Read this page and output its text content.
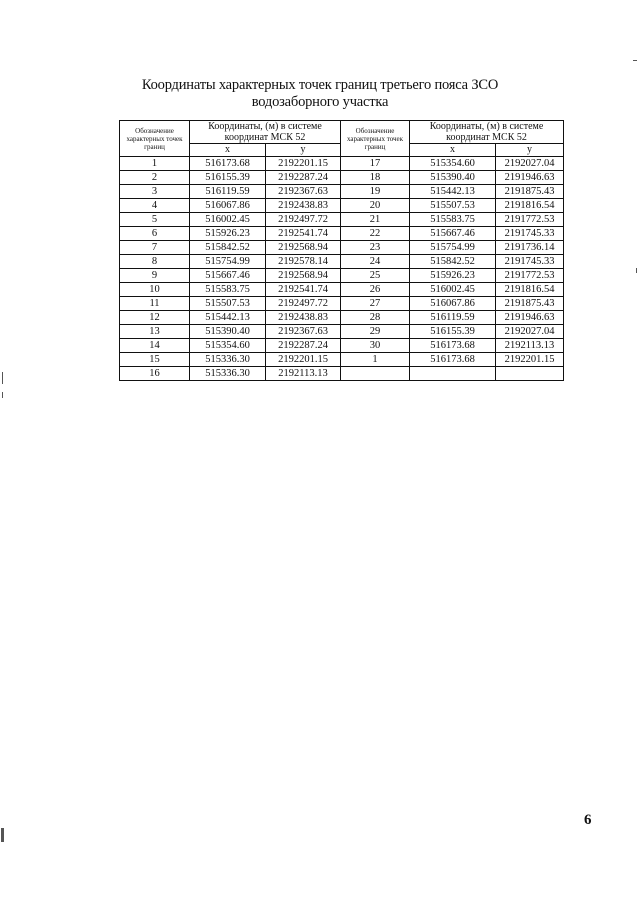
Координаты характерных точек границ третьего пояса ЗСО
водозаборного участка
Обозначение характерных точек границ	Координаты, (м) в системе координат МСК 52		Обозначение характерных точек границ	Координаты, (м) в системе координат МСК 52	
	x	y		x	y
1	516173.68	2192201.15	17	515354.60	2192027.04
2	516155.39	2192287.24	18	515390.40	2191946.63
3	516119.59	2192367.63	19	515442.13	2191875.43
4	516067.86	2192438.83	20	515507.53	2191816.54
5	516002.45	2192497.72	21	515583.75	2191772.53
6	515926.23	2192541.74	22	515667.46	2191745.33
7	515842.52	2192568.94	23	515754.99	2191736.14
8	515754.99	2192578.14	24	515842.52	2191745.33
9	515667.46	2192568.94	25	515926.23	2191772.53
10	515583.75	2192541.74	26	516002.45	2191816.54
11	515507.53	2192497.72	27	516067.86	2191875.43
12	515442.13	2192438.83	28	516119.59	2191946.63
13	515390.40	2192367.63	29	516155.39	2192027.04
14	515354.60	2192287.24	30	516173.68	2192113.13
15	515336.30	2192201.15	1	516173.68	2192201.15
16	515336.30	2192113.13			
6
